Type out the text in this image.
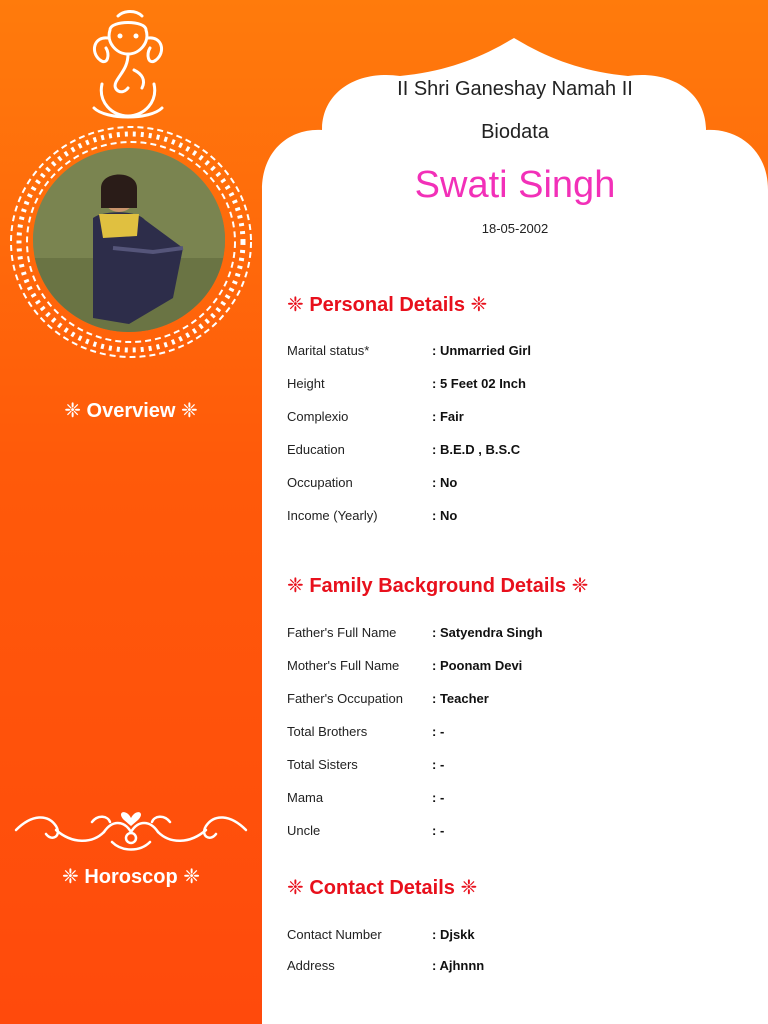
❈ Overview ❈
❈ Horoscop ❈
II Shri Ganeshay Namah II
Biodata
Swati Singh
18-05-2002
❈ Personal Details ❈
Marital status*	: Unmarried Girl
Height	: 5 Feet 02 Inch
Complexio	: Fair
Education	: B.E.D , B.S.C
Occupation	: No
Income (Yearly)	: No
❈ Family Background Details ❈
Father's Full Name	: Satyendra Singh
Mother's Full Name	: Poonam Devi
Father's Occupation : Teacher
Total Brothers	: -
Total Sisters	: -
Mama	: -
Uncle	: -
❈ Contact Details ❈
Contact Number	: Djskk
Address	: Ajhnnn
